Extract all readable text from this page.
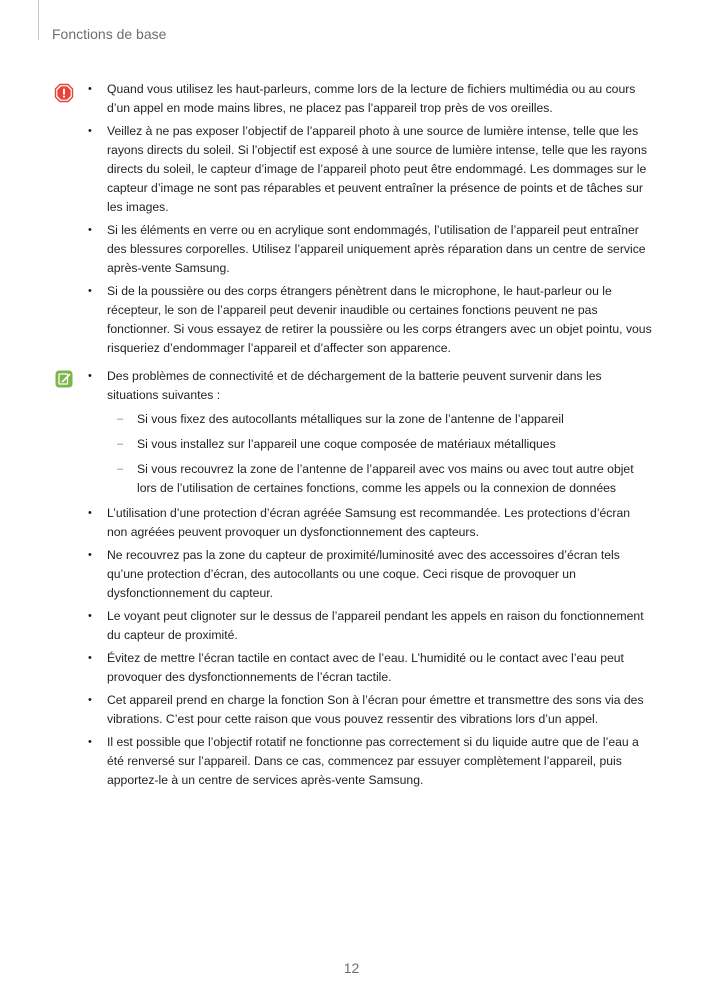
Fonctions de base
• Quand vous utilisez les haut-parleurs, comme lors de la lecture de fichiers multimédia ou au cours d’un appel en mode mains libres, ne placez pas l’appareil trop près de vos oreilles.
• Veillez à ne pas exposer l’objectif de l’appareil photo à une source de lumière intense, telle que les rayons directs du soleil. Si l’objectif est exposé à une source de lumière intense, telle que les rayons directs du soleil, le capteur d’image de l’appareil photo peut être endommagé. Les dommages sur le capteur d’image ne sont pas réparables et peuvent entraîner la présence de points et de tâches sur les images.
• Si les éléments en verre ou en acrylique sont endommagés, l’utilisation de l’appareil peut entraîner des blessures corporelles. Utilisez l’appareil uniquement après réparation dans un centre de service après-vente Samsung.
• Si de la poussière ou des corps étrangers pénètrent dans le microphone, le haut-parleur ou le récepteur, le son de l’appareil peut devenir inaudible ou certaines fonctions peuvent ne pas fonctionner. Si vous essayez de retirer la poussière ou les corps étrangers avec un objet pointu, vous risqueriez d’endommager l’appareil et d’affecter son apparence.
• Des problèmes de connectivité et de déchargement de la batterie peuvent survenir dans les situations suivantes :
– Si vous fixez des autocollants métalliques sur la zone de l’antenne de l’appareil
– Si vous installez sur l’appareil une coque composée de matériaux métalliques
– Si vous recouvrez la zone de l’antenne de l’appareil avec vos mains ou avec tout autre objet lors de l’utilisation de certaines fonctions, comme les appels ou la connexion de données
• L’utilisation d’une protection d’écran agréée Samsung est recommandée. Les protections d’écran non agréées peuvent provoquer un dysfonctionnement des capteurs.
• Ne recouvrez pas la zone du capteur de proximité/luminosité avec des accessoires d’écran tels qu’une protection d’écran, des autocollants ou une coque. Ceci risque de provoquer un dysfonctionnement du capteur.
• Le voyant peut clignoter sur le dessus de l’appareil pendant les appels en raison du fonctionnement du capteur de proximité.
• Évitez de mettre l’écran tactile en contact avec de l’eau. L’humidité ou le contact avec l’eau peut provoquer des dysfonctionnements de l’écran tactile.
• Cet appareil prend en charge la fonction Son à l’écran pour émettre et transmettre des sons via des vibrations. C’est pour cette raison que vous pouvez ressentir des vibrations lors d’un appel.
• Il est possible que l’objectif rotatif ne fonctionne pas correctement si du liquide autre que de l’eau a été renversé sur l’appareil. Dans ce cas, commencez par essuyer complètement l’appareil, puis apportez-le à un centre de services après-vente Samsung.
12
